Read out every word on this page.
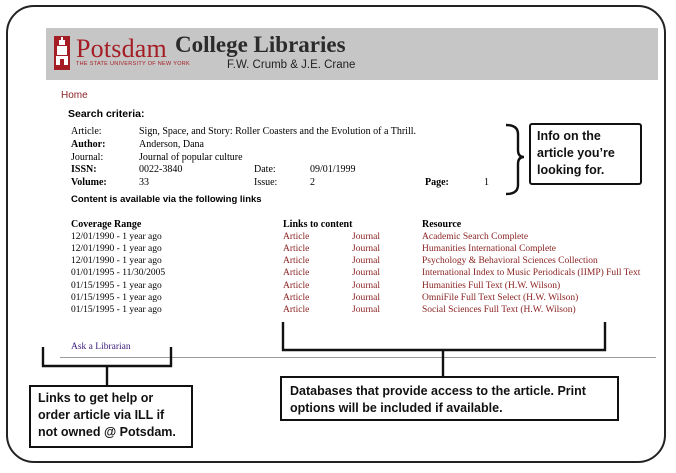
Potsdam
THE STATE UNIVERSITY OF NEW YORK
College Libraries
F.W. Crumb & J.E. Crane
Home
Search criteria:
Article:	Sign, Space, and Story: Roller Coasters and the Evolution of a Thrill.
Author:	Anderson, Dana
Journal:	Journal of popular culture
ISSN:	0022-3840	Date:	09/01/1999
Volume:	33	Issue:	2	Page:	1
Content is available via the following links
Coverage Range	Links to content	Resource
12/01/1990 - 1 year ago	Article	Journal	Academic Search Complete
12/01/1990 - 1 year ago	Article	Journal	Humanities International Complete
12/01/1990 - 1 year ago	Article	Journal	Psychology & Behavioral Sciences Collection
01/01/1995 - 11/30/2005	Article	Journal	International Index to Music Periodicals (IIMP) Full Text
01/15/1995 - 1 year ago	Article	Journal	Humanities Full Text (H.W. Wilson)
01/15/1995 - 1 year ago	Article	Journal	OmniFile Full Text Select (H.W. Wilson)
01/15/1995 - 1 year ago	Article	Journal	Social Sciences Full Text (H.W. Wilson)
Ask a Librarian
Info on the article you’re looking for.
Links to get help or order article via ILL if not owned @ Potsdam.
Databases that provide access to the article. Print options will be included if available.
